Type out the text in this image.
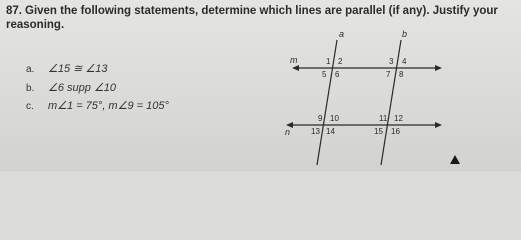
87. Given the following statements, determine which lines are parallel (if any). Justify your
reasoning.
a. ∠15 ≅ ∠13
b. ∠6 supp ∠10
c. m∠1 = 75°, m∠9 = 105°
a	b
m
n
1 2
5 6
3 4
7 8
9 10
13 14
11 12
15 16
